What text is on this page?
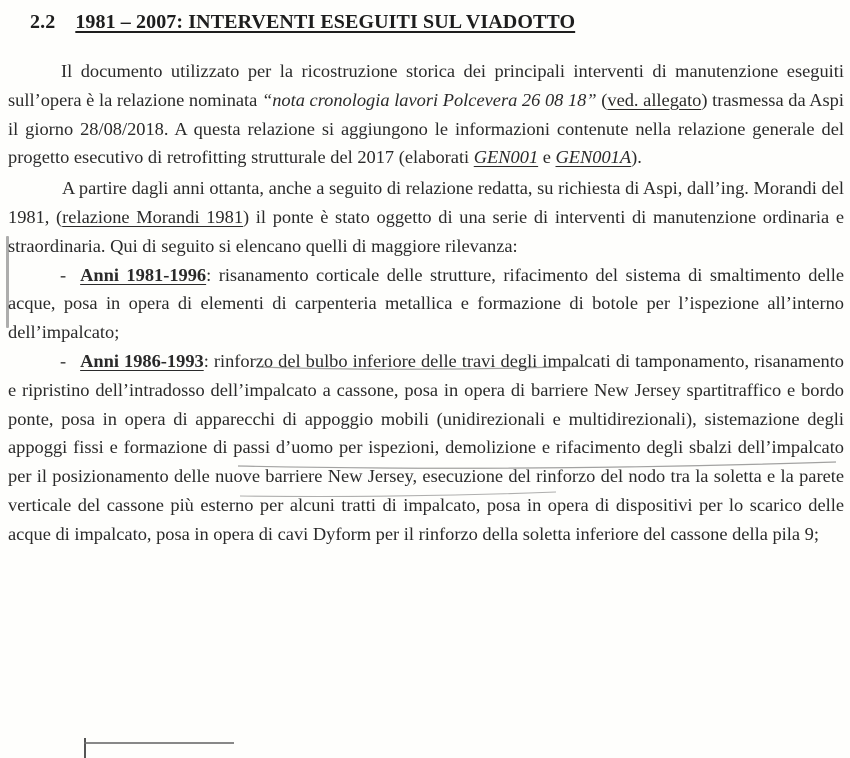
2.2 1981 – 2007: INTERVENTI ESEGUITI SUL VIADOTTO

Il documento utilizzato per la ricostruzione storica dei principali interventi di manutenzione eseguiti sull’opera è la relazione nominata “nota cronologia lavori Polcevera 26 08 18” (ved. allegato) trasmessa da Aspi il giorno 28/08/2018. A questa relazione si aggiungono le informazioni contenute nella relazione generale del progetto esecutivo di retrofitting strutturale del 2017 (elaborati GEN001 e GEN001A).

A partire dagli anni ottanta, anche a seguito di relazione redatta, su richiesta di Aspi, dall’ing. Morandi del 1981, (relazione Morandi 1981) il ponte è stato oggetto di una serie di interventi di manutenzione ordinaria e straordinaria. Qui di seguito si elencano quelli di maggiore rilevanza:

- Anni 1981-1996: risanamento corticale delle strutture, rifacimento del sistema di smaltimento delle acque, posa in opera di elementi di carpenteria metallica e formazione di botole per l’ispezione all’interno dell’impalcato;

- Anni 1986-1993: rinforzo del bulbo inferiore delle travi degli impalcati di tamponamento, risanamento e ripristino dell’intradosso dell’impalcato a cassone, posa in opera di barriere New Jersey spartitraffico e bordo ponte, posa in opera di apparecchi di appoggio mobili (unidirezionali e multidirezionali), sistemazione degli appoggi fissi e formazione di passi d’uomo per ispezioni, demolizione e rifacimento degli sbalzi dell’impalcato per il posizionamento delle nuove barriere New Jersey, esecuzione del rinforzo del nodo tra la soletta e la parete verticale del cassone più esterno per alcuni tratti di impalcato, posa in opera di dispositivi per lo scarico delle acque di impalcato, posa in opera di cavi Dyform per il rinforzo della soletta inferiore del cassone della pila 9;
